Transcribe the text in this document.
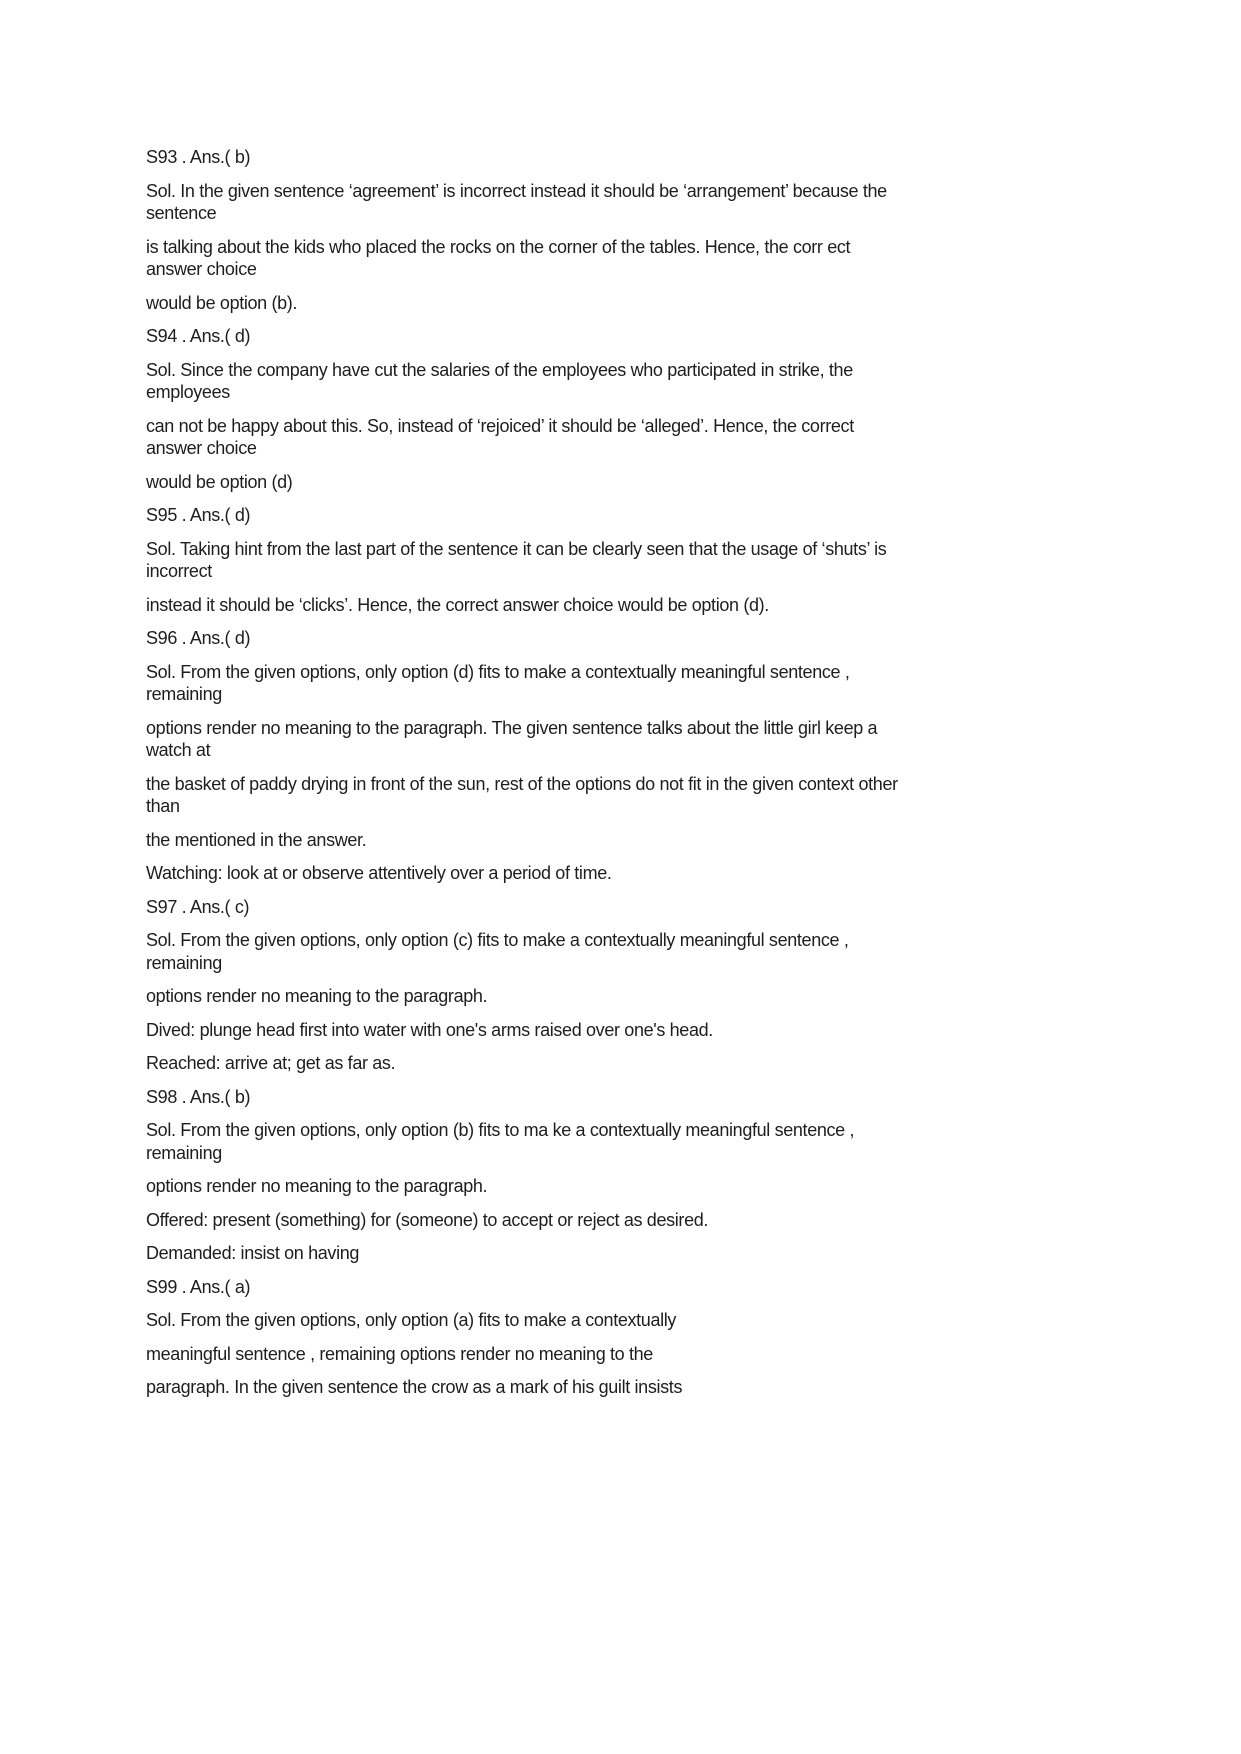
S93 . Ans.( b)
Sol. In the given sentence ‘agreement’ is incorrect instead it should be ‘arrangement’ because the
sentence
is talking about the kids who placed the rocks on the corner of the tables. Hence, the corr ect
answer choice
would be option (b).
S94 . Ans.( d)
Sol. Since the company have cut the salaries of the employees who participated in strike, the
employees
can not be happy about this. So, instead of ‘rejoiced’ it should be ‘alleged’. Hence, the correct
answer choice
would be option (d)
S95 . Ans.( d)
Sol. Taking hint from the last part of the sentence it can be clearly seen that the usage of ‘shuts’ is
incorrect
instead it should be ‘clicks’. Hence, the correct answer choice would be option (d).
S96 . Ans.( d)
Sol. From the given options, only option (d) fits to make a contextually meaningful sentence ,
remaining
options render no meaning to the paragraph. The given sentence talks about the little girl keep a
watch at
the basket of paddy drying in front of the sun, rest of the options do not fit in the given context other
than
the mentioned in the answer.
Watching: look at or observe attentively over a period of time.
S97 . Ans.( c)
Sol. From the given options, only option (c) fits to make a contextually meaningful sentence ,
remaining
options render no meaning to the paragraph.
Dived: plunge head first into water with one's arms raised over one's head.
Reached: arrive at; get as far as.
S98 . Ans.( b)
Sol. From the given options, only option (b) fits to ma ke a contextually meaningful sentence ,
remaining
options render no meaning to the paragraph.
Offered: present (something) for (someone) to accept or reject as desired.
Demanded: insist on having
S99 . Ans.( a)
Sol. From the given options, only option (a) fits to make a contextually
meaningful sentence , remaining options render no meaning to the
paragraph. In the given sentence the crow as a mark of his guilt insists
